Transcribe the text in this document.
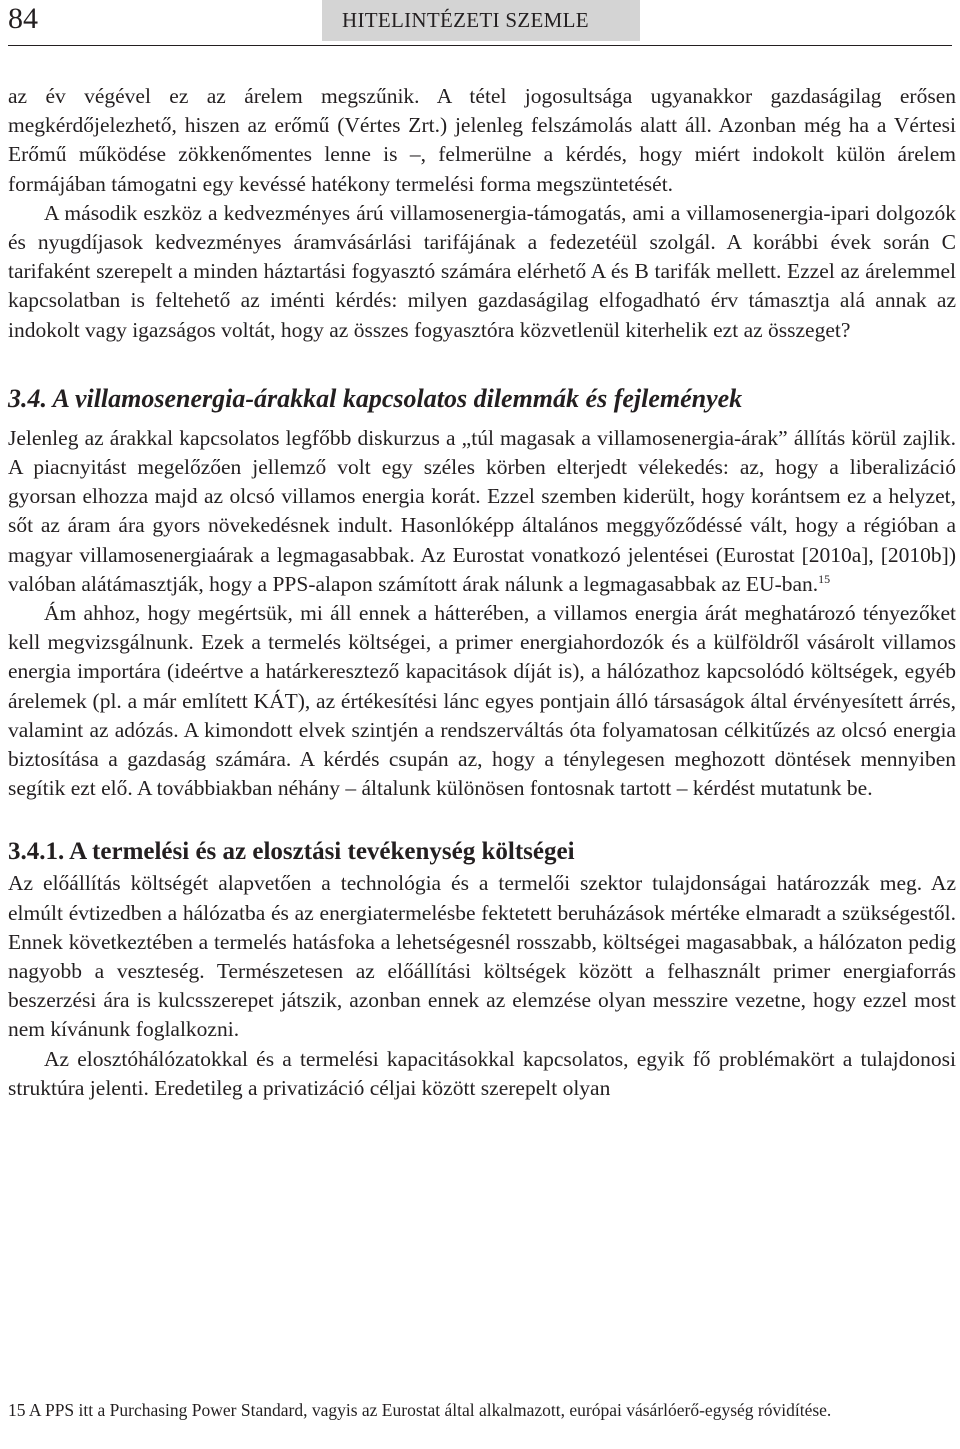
84	HITELINTÉZETI SZEMLE

az év végével ez az árelem megszűnik. A tétel jogosultsága ugyanakkor gazdaságilag erősen megkérdőjelezhető, hiszen az erőmű (Vértes Zrt.) jelenleg felszámolás alatt áll. Azonban még ha a Vértesi Erőmű működése zökkenőmentes lenne is –, felmerülne a kérdés, hogy miért indokolt külön árelem formájában támogatni egy kevéssé hatékony termelési forma megszüntetését.

A második eszköz a kedvezményes árú villamosenergia-támogatás, ami a villamosenergia-ipari dolgozók és nyugdíjasok kedvezményes áramvásárlási tarifájának a fedezetéül szolgál. A korábbi évek során C tarifaként szerepelt a minden háztartási fogyasztó számára elérhető A és B tarifák mellett. Ezzel az árelemmel kapcsolatban is feltehető az iménti kérdés: milyen gazdaságilag elfogadható érv támasztja alá annak az indokolt vagy igazságos voltát, hogy az összes fogyasztóra közvetlenül kiterhelik ezt az összeget?

3.4. A villamosenergia-árakkal kapcsolatos dilemmák és fejlemények

Jelenleg az árakkal kapcsolatos legfőbb diskurzus a „túl magasak a villamosenergia-árak” állítás körül zajlik. A piacnyitást megelőzően jellemző volt egy széles körben elterjedt vélekedés: az, hogy a liberalizáció gyorsan elhozza majd az olcsó villamos energia korát. Ezzel szemben kiderült, hogy korántsem ez a helyzet, sőt az áram ára gyors növekedésnek indult. Hasonlóképp általános meggyőződéssé vált, hogy a régióban a magyar villamosenergiaárak a legmagasabbak. Az Eurostat vonatkozó jelentései (Eurostat [2010a], [2010b]) valóban alátámasztják, hogy a PPS-alapon számított árak nálunk a legmagasabbak az EU-ban.$^{15}$

Ám ahhoz, hogy megértsük, mi áll ennek a hátterében, a villamos energia árát meghatározó tényezőket kell megvizsgálnunk. Ezek a termelés költségei, a primer energiahordozók és a külföldről vásárolt villamos energia importára (ideértve a határkeresztező kapacitások díját is), a hálózathoz kapcsolódó költségek, egyéb árelemek (pl. a már említett KÁT), az értékesítési lánc egyes pontjain álló társaságok által érvényesített árrés, valamint az adózás. A kimondott elvek szintjén a rendszerváltás óta folyamatosan célkitűzés az olcsó energia biztosítása a gazdaság számára. A kérdés csupán az, hogy a ténylegesen meghozott döntések mennyiben segítik ezt elő. A továbbiakban néhány – általunk különösen fontosnak tartott – kérdést mutatunk be.

3.4.1. A termelési és az elosztási tevékenység költségei

Az előállítás költségét alapvetően a technológia és a termelői szektor tulajdonságai határozzák meg. Az elmúlt évtizedben a hálózatba és az energiatermelésbe fektetett beruházások mértéke elmaradt a szükségestől. Ennek következtében a termelés hatásfoka a lehetségesnél rosszabb, költségei magasabbak, a hálózaton pedig nagyobb a veszteség. Természetesen az előállítási költségek között a felhasznált primer energiaforrás beszerzési ára is kulcsszerepet játszik, azonban ennek az elemzése olyan messzire vezetne, hogy ezzel most nem kívánunk foglalkozni.

Az elosztóhálózatokkal és a termelési kapacitásokkal kapcsolatos, egyik fő problémakört a tulajdonosi struktúra jelenti. Eredetileg a privatizáció céljai között szerepelt olyan

15 A PPS itt a Purchasing Power Standard, vagyis az Eurostat által alkalmazott, európai vásárlóerő-egység róvidítése.
